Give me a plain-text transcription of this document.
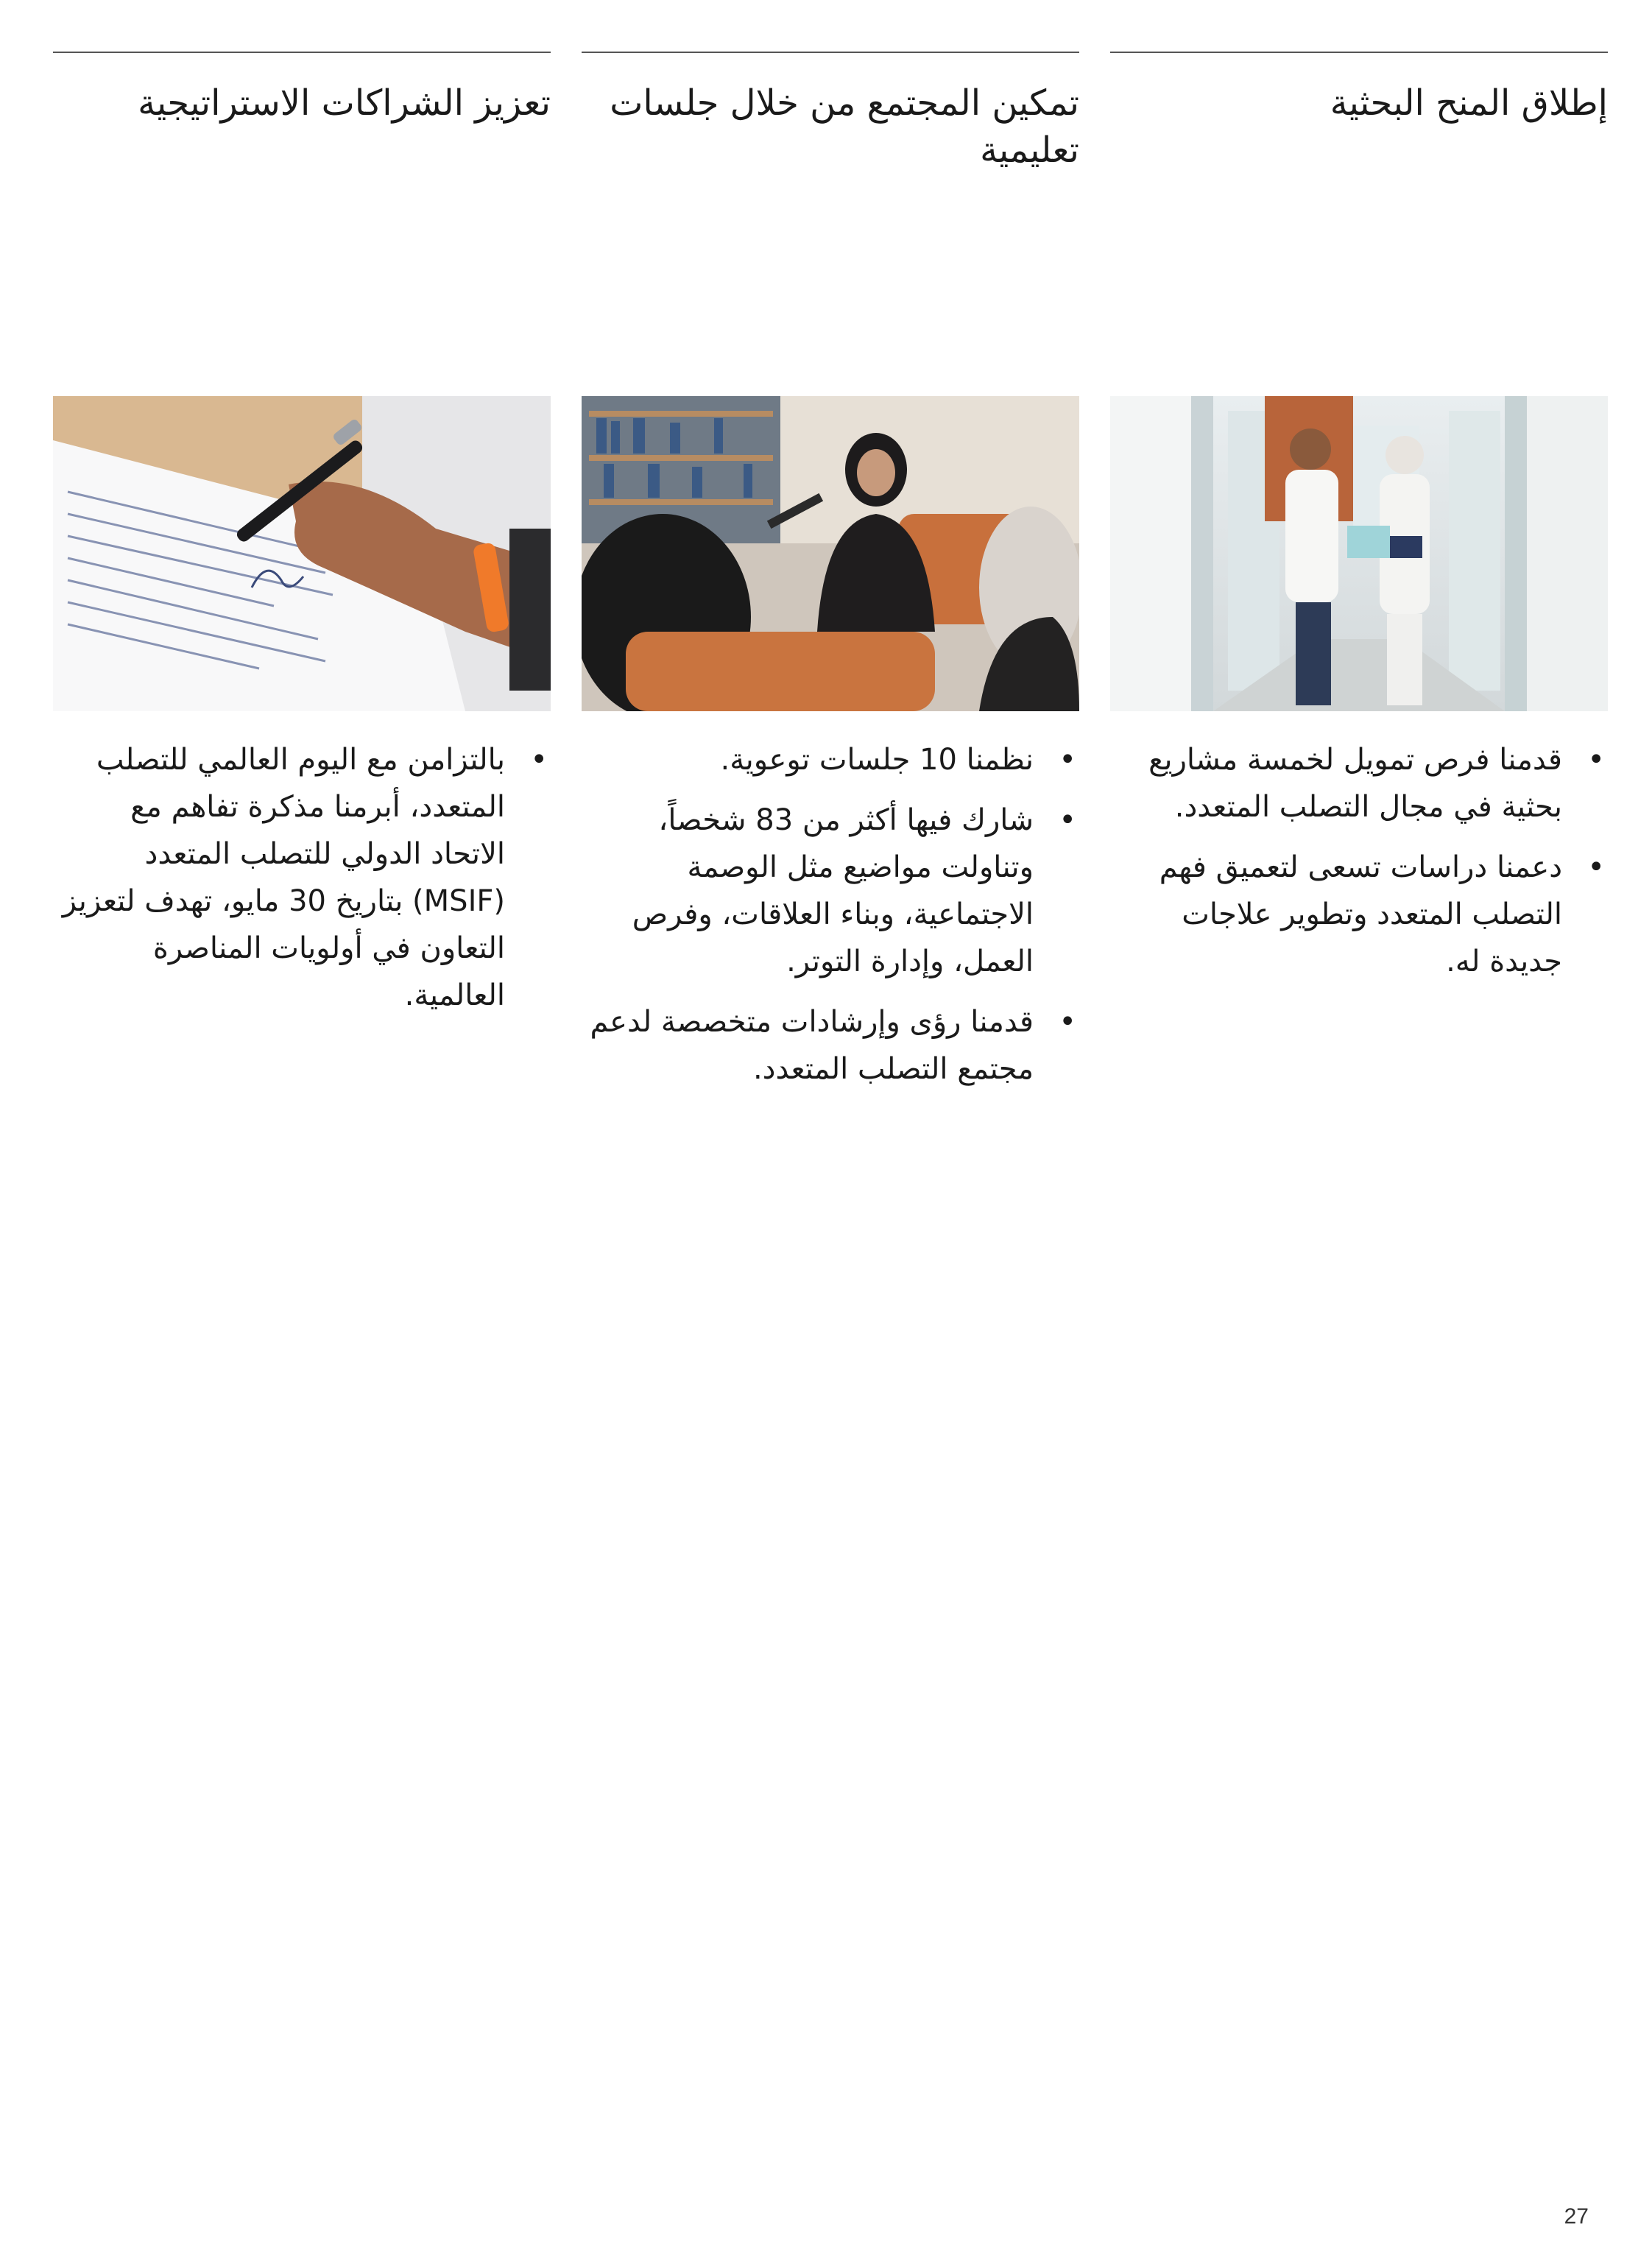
إطلاق المنح البحثية
•
قدمنا فرص تمويل لخمسة مشاريع بحثية في مجال التصلب المتعدد.
•
دعمنا دراسات تسعى لتعميق فهم التصلب المتعدد وتطوير علاجات جديدة له.
تمكين المجتمع من خلال جلسات تعليمية
•
نظمنا 10 جلسات توعوية.
•
شارك فيها أكثر من 83 شخصاً، وتناولت مواضيع مثل الوصمة الاجتماعية، وبناء العلاقات، وفرص العمل، وإدارة التوتر.
•
قدمنا رؤى وإرشادات متخصصة لدعم مجتمع التصلب المتعدد.
تعزيز الشراكات الاستراتيجية
•
بالتزامن مع اليوم العالمي للتصلب المتعدد، أبرمنا مذكرة تفاهم مع الاتحاد الدولي للتصلب المتعدد (MSIF) بتاريخ 30 مايو، تهدف لتعزيز التعاون في أولويات المناصرة العالمية.
27
